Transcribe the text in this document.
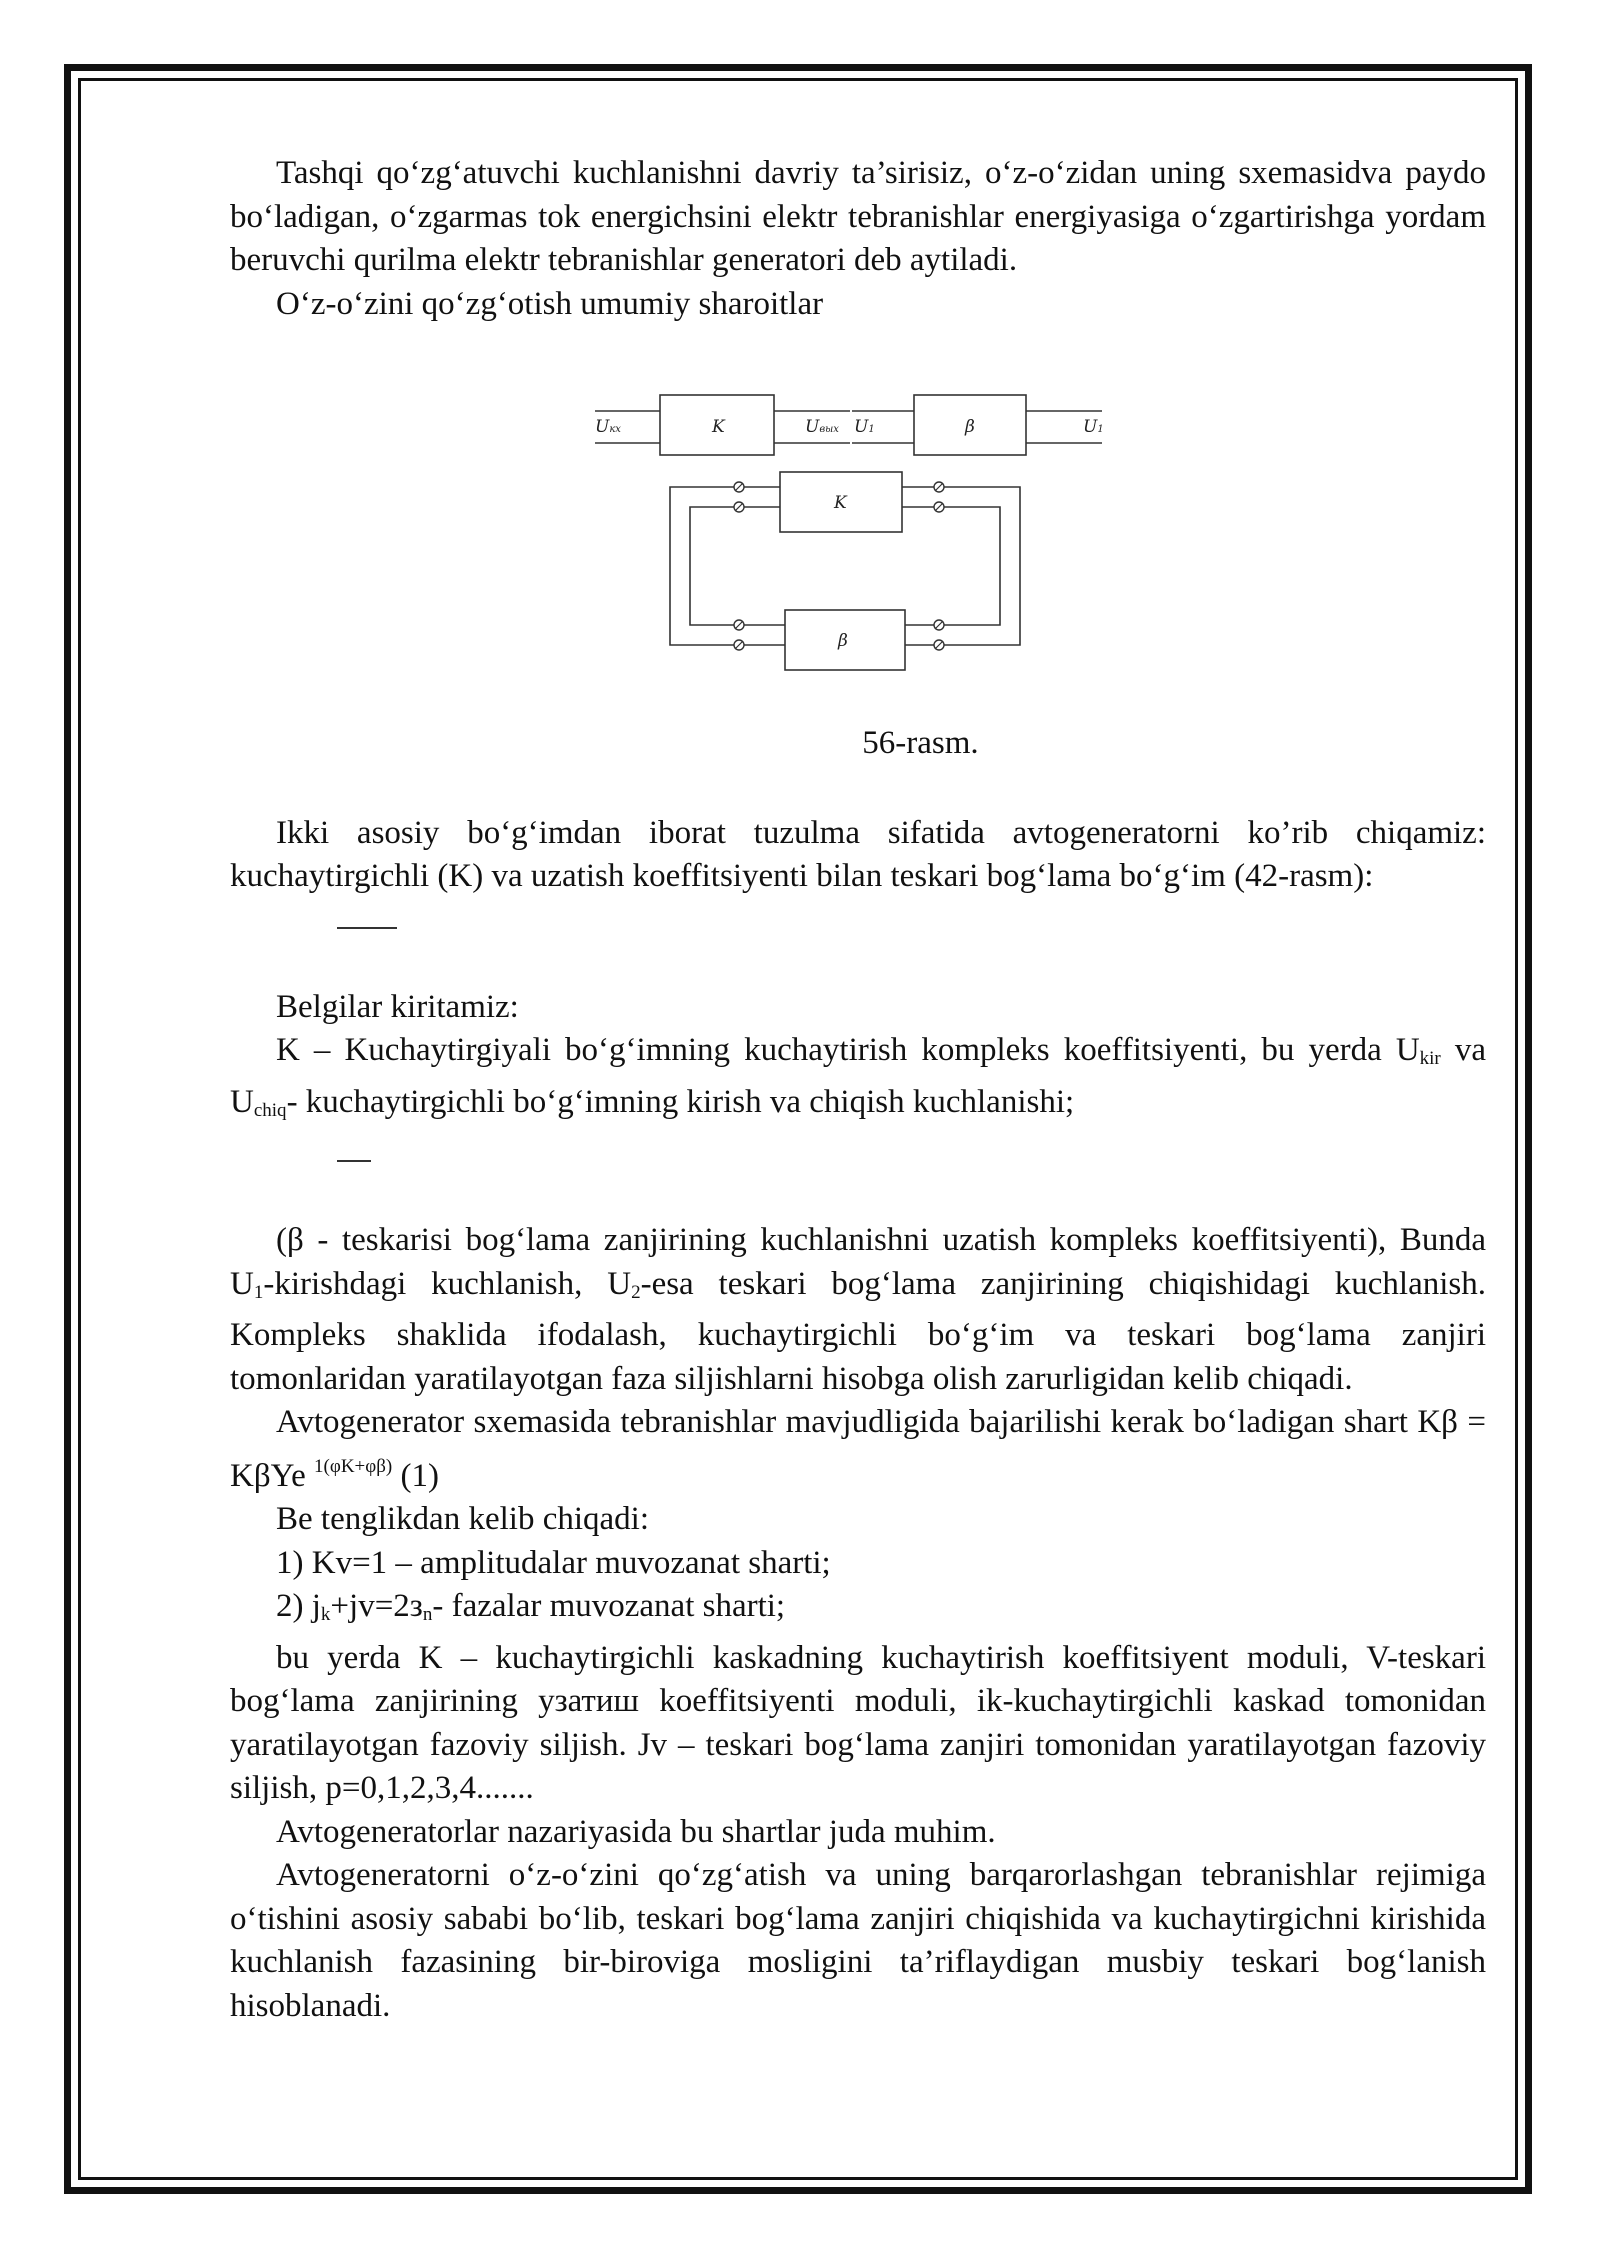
Tashqi qo‘zg‘atuvchi kuchlanishni davriy ta’sirisiz, o‘z-o‘zidan uning sxemasidva paydo bo‘ladigan, o‘zgarmas tok energichsini elektr tebranishlar energiyasiga o‘zgartirishga yordam beruvchi qurilma elektr tebranishlar generatori deb aytiladi.

O‘z-o‘zini qo‘zg‘otish umumiy sharoitlar

Uкх	K	Uвых U1	β	U1
K
β

56-rasm.

Ikki asosiy bo‘g‘imdan iborat tuzulma sifatida avtogeneratorni ko’rib chiqamiz: kuchaytirgichli (K) va uzatish koeffitsiyenti bilan teskari bog‘lama bo‘g‘im (42-rasm):

Belgilar kiritamiz:

K – Kuchaytirgiyali bo‘g‘imning kuchaytirish kompleks koeffitsiyenti, bu yerda $U_{kir}$ va $U_{chiq}-$ kuchaytirgichli bo‘g‘imning kirish va chiqish kuchlanishi;

(β - teskarisi bog‘lama zanjirining kuchlanishni uzatish kompleks koeffitsiyenti), Bunda $U_1$-kirishdagi kuchlanish, $U_2$-esa teskari bog‘lama zanjirining chiqishidagi kuchlanish. Kompleks shaklida ifodalash, kuchaytirgichli bo‘g‘im va teskari bog‘lama zanjiri tomonlaridan yaratilayotgan faza siljishlarni hisobga olish zarurligidan kelib chiqadi.

Avtogenerator sxemasida tebranishlar mavjudligida bajarilishi kerak bo‘ladigan shart Kβ = KβYe $^{1(\varphi K+\varphi\beta)}$ (1)

Be tenglikdan kelib chiqadi:

1) Kv=1 – amplitudalar muvozanat sharti;

2) $j_k+jv=2з_n-$ fazalar muvozanat sharti;

bu yerda K – kuchaytirgichli kaskadning kuchaytirish koeffitsiyent moduli, V-teskari bog‘lama zanjirining узатиш koeffitsiyenti moduli, ik-kuchaytirgichli kaskad tomonidan yaratilayotgan fazoviy siljish. Jv – teskari bog‘lama zanjiri tomonidan yaratilayotgan fazoviy siljish, p=0,1,2,3,4.......

Avtogeneratorlar nazariyasida bu shartlar juda muhim.

Avtogeneratorni o‘z-o‘zini qo‘zg‘atish va uning barqarorlashgan tebranishlar rejimiga o‘tishini asosiy sababi bo‘lib, teskari bog‘lama zanjiri chiqishida va kuchaytirgichni kirishida kuchlanish fazasining bir-biroviga mosligini ta’riflaydigan musbiy teskari bog‘lanish hisoblanadi.
